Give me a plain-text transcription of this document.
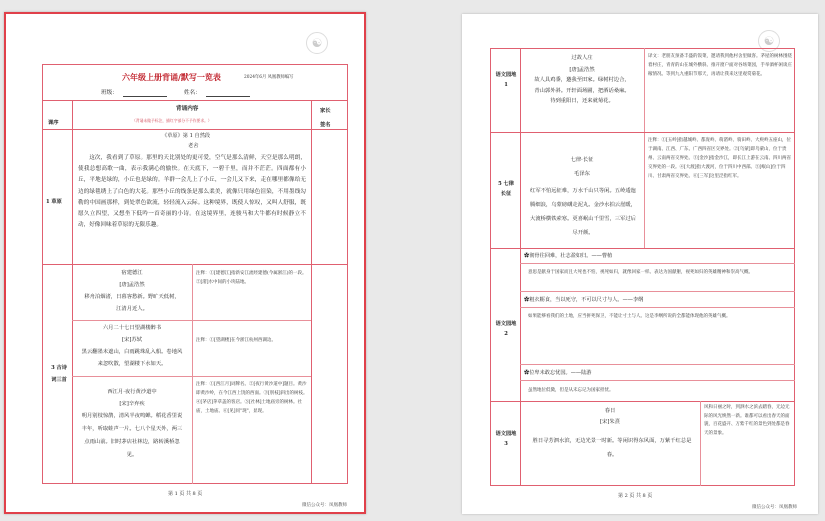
☯
六年级上册背诵/默写一览表	2024年6月 凤凰教师编写
班级：	姓名：

课序
背诵内容
（背诵未做予标注，描红字部分不予作要求。）
家长
签名
1 草原
《草原》第 1 自然段
老舍
这次，我看到了草原。那里的天比别处的更可爱，空气是那么清鲜，天空是那么明朗，使我总想高歌一曲，表示我满心的愉快。在天底下，一碧千里，而并不茫茫。四面都有小丘，平地是绿的，小丘也是绿的。羊群一会儿上了小丘，一会儿又下来，走在哪里都像给无边的绿毯绣上了白色的大花。那些小丘的线条是那么柔美，就像只用绿色渲染，不用墨线勾勒的中国画那样，到处翠色欲流，轻轻流入云际。这种境界，既使人惊叹，又叫人舒服，既愿久立四望，又想坐下低吟一首奇丽的小诗。在这境界里，连骏马和大牛都有时候静立不动，好像回味着草原的无限乐趣。
3 古诗词三首
宿建德江
[唐]孟浩然
移舟泊烟渚，日暮客愁新。野旷天低树，江清月近人。
注释：①[建德江]指新安江流经建德(今属浙江)的一段。②[渚]水中间的小块陆地。
六月二十七日望湖楼醉书
[宋]苏轼
黑云翻墨未遮山，白雨跳珠乱入船。卷地风来忽吹散，望湖楼下水如天。
注释：①[望湖楼]在今浙江杭州西湖边。
西江月·夜行黄沙道中
[宋]辛弃疾
明月别枝惊鹊，清风半夜鸣蝉。稻花香里说丰年，听取蛙声一片。七八个星天外，两三点雨山前。旧时茅店社林边，路转溪桥忽见。
注释：①[西江月]词牌名。②[夜行黄沙道中]题目。黄沙即黄沙岭，在今江西上饶的西面。③[别枝]斜出的树枝。④[茅店]茅草盖的客店。⑤[社林]土地庙旁的树林。社庙，土地庙。⑥[见]同"现"，显现。
第 1 页 共 8 页
微信公众号：凤凰教师
☯
语文园地 1
过故人庄
[唐]孟浩然
故人具鸡黍，邀我至田家。绿树村边合，青山郭外斜。开轩面场圃，把酒话桑麻。待到重阳日，还来就菊花。
译文：老朋友预备丰盛的饭菜，邀请我到他村舍里做客。茅屋的树林围绕着村庄，青青的山在城外横斜。推开窗户面对谷场菜园，手举酒杯闲谈庄稼情况。等到九九重阳节那天，再请让我来这里观赏菊花。
5 七律 长征
七律·长征
毛泽东
红军不怕远征难，万水千山只等闲。五岭逶迤腾细浪，乌蒙磅礴走泥丸。金沙水拍云崖暖，大渡桥横铁索寒。更喜岷山千里雪，三军过后尽开颜。
注释：①[五岭]指越城岭、都庞岭、萌渚岭、骑田岭、大庾岭五座山，位于湖南、江西、广东、广西四省区交界处。②[乌蒙]即乌蒙山，位于贵州、云南两省交界处。③[金沙]指金沙江，即长江上游在云南、四川两省交界处的一段。④[大渡]指大渡河，位于四川中西部。⑤[岷山]位于四川、甘肃两省交界处。⑥[三军]这里泛指红军。
语文园地 2
✿彻骨往回难，壮志盈如归。——曹植
意思是献身于国家而且大死也不怕，视死如归，就像回家一样。表达为国献躯，视死如归的英雄精神和崇高气概。
✿粗衣粝食，当以死守，不可以尺寸与人。——李纲
如果能够看我们的土地，应当拼死保卫，不能让寸土与人。这是李纲所说的全都能体现他的英雄气概。
✿位卑未敢忘忧国。——陆游
虽然地位低微，但是从未忘记为国家担忧。
语文园地 3
春日
[宋]朱熹
胜日寻芳泗水滨，无边光景一时新。等闲识得东风面，万紫千红总是春。
风和日丽之时，到泗水之滨去踏春，无边无际的风光焕然一新。谁都可以看出春天的面貌，百花盛开、万紫千红的景色到处都是春天的景象。
第 2 页 共 8 页
微信公众号：凤凰教师
